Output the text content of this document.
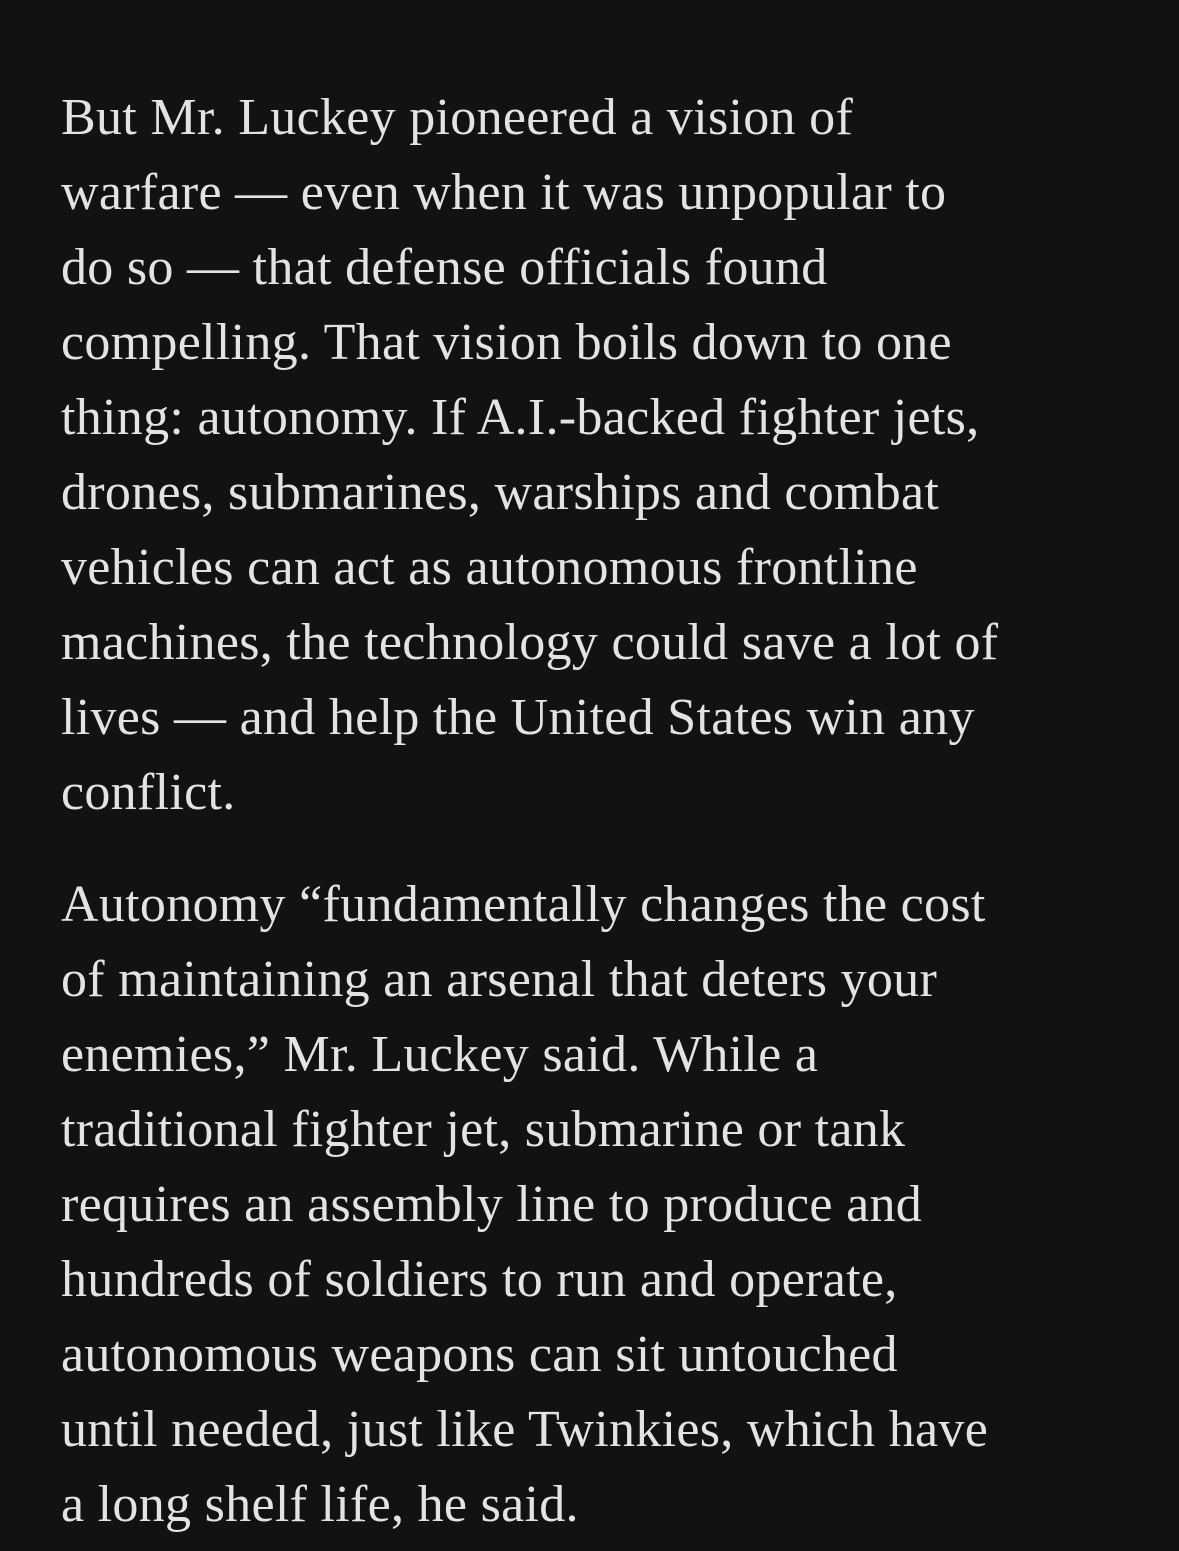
But Mr. Luckey pioneered a vision of
warfare — even when it was unpopular to
do so — that defense officials found
compelling. That vision boils down to one
thing: autonomy. If A.I.-backed fighter jets,
drones, submarines, warships and combat
vehicles can act as autonomous frontline
machines, the technology could save a lot of
lives — and help the United States win any
conflict.

Autonomy “fundamentally changes the cost
of maintaining an arsenal that deters your
enemies,” Mr. Luckey said. While a
traditional fighter jet, submarine or tank
requires an assembly line to produce and
hundreds of soldiers to run and operate,
autonomous weapons can sit untouched
until needed, just like Twinkies, which have
a long shelf life, he said.
